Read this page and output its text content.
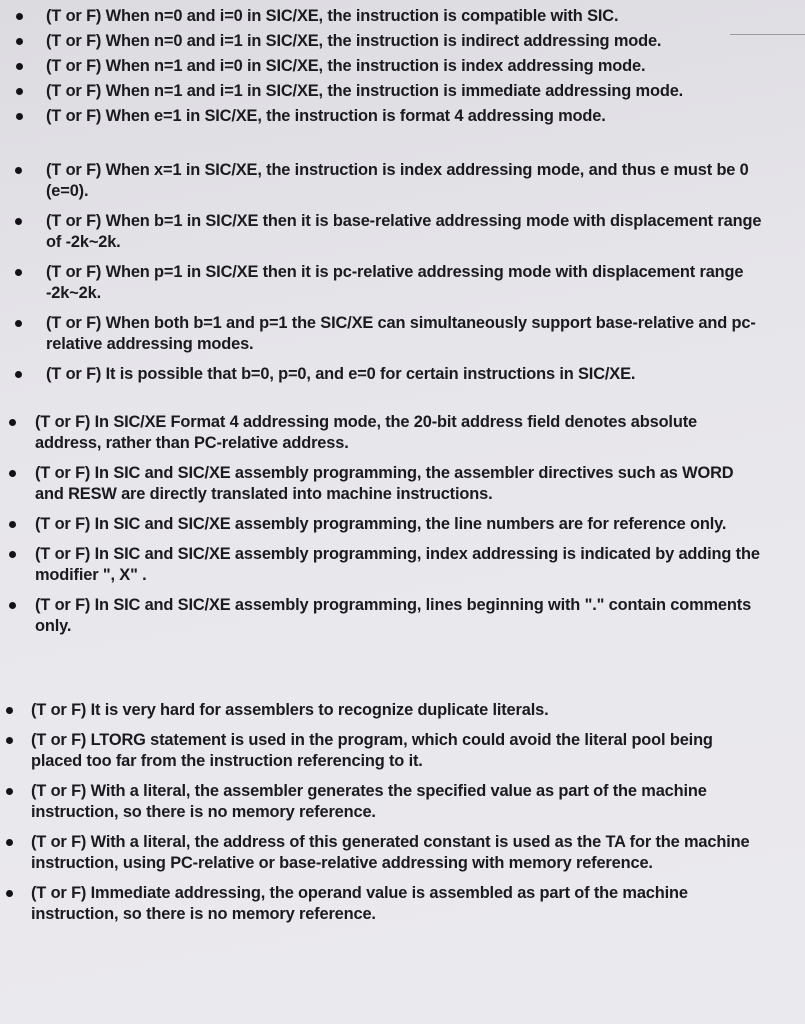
(T or F) When n=0 and i=0 in SIC/XE, the instruction is compatible with SIC.
(T or F) When n=0 and i=1 in SIC/XE, the instruction is indirect addressing mode.
(T or F) When n=1 and i=0 in SIC/XE, the instruction is index addressing mode.
(T or F) When n=1 and i=1 in SIC/XE, the instruction is immediate addressing mode.
(T or F) When e=1 in SIC/XE, the instruction is format 4 addressing mode.
(T or F) When x=1 in SIC/XE, the instruction is index addressing mode, and thus e must be 0 (e=0).
(T or F) When b=1 in SIC/XE then it is base-relative addressing mode with displacement range of -2k~2k.
(T or F) When p=1 in SIC/XE then it is pc-relative addressing mode with displacement range -2k~2k.
(T or F) When both b=1 and p=1 the SIC/XE can simultaneously support base-relative and pc-relative addressing modes.
(T or F) It is possible that b=0, p=0, and e=0 for certain instructions in SIC/XE.
(T or F) In SIC/XE Format 4 addressing mode, the 20-bit address field denotes absolute address, rather than PC-relative address.
(T or F) In SIC and SIC/XE assembly programming, the assembler directives such as WORD and RESW are directly translated into machine instructions.
(T or F) In SIC and SIC/XE assembly programming, the line numbers are for reference only.
(T or F) In SIC and SIC/XE assembly programming, index addressing is indicated by adding the modifier ", X" .
(T or F) In SIC and SIC/XE assembly programming, lines beginning with "." contain comments only.
(T or F) It is very hard for assemblers to recognize duplicate literals.
(T or F) LTORG statement is used in the program, which could avoid the literal pool being placed too far from the instruction referencing to it.
(T or F) With a literal, the assembler generates the specified value as part of the machine instruction, so there is no memory reference.
(T or F) With a literal, the address of this generated constant is used as the TA for the machine instruction, using PC-relative or base-relative addressing with memory reference.
(T or F) Immediate addressing, the operand value is assembled as part of the machine instruction, so there is no memory reference.
